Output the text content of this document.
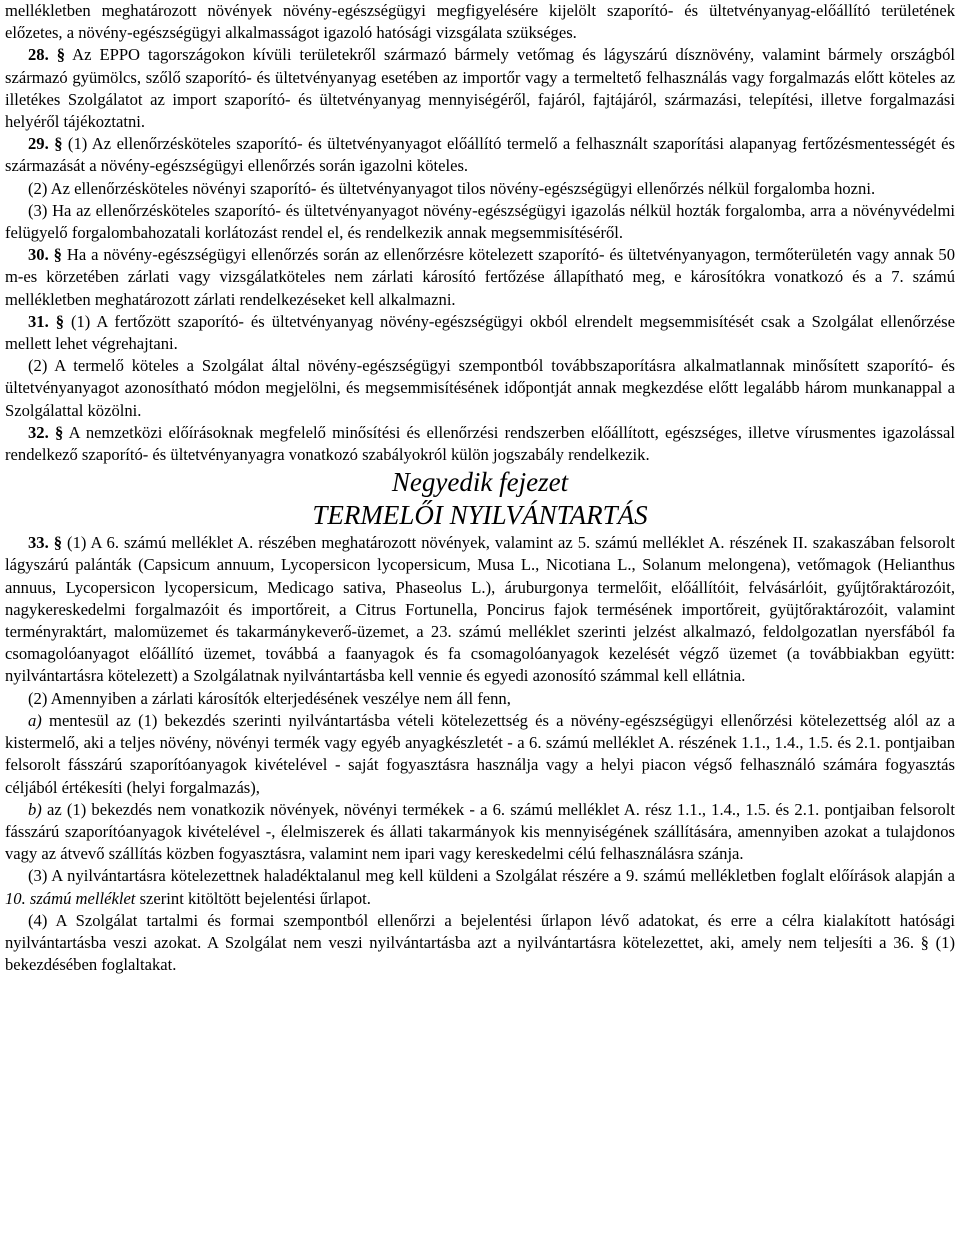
mellékletben meghatározott növények növény-egészségügyi megfigyelésére kijelölt szaporító- és ültetvényanyag-előállító területének előzetes, a növény-egészségügyi alkalmasságot igazoló hatósági vizsgálata szükséges.

28. § Az EPPO tagországokon kívüli területekről származó bármely vetőmag és lágyszárú dísznövény, valamint bármely országból származó gyümölcs, szőlő szaporító- és ültetvényanyag esetében az importőr vagy a termeltető felhasználás vagy forgalmazás előtt köteles az illetékes Szolgálatot az import szaporító- és ültetvényanyag mennyiségéről, fajáról, fajtájáról, származási, telepítési, illetve forgalmazási helyéről tájékoztatni.

29. § (1) Az ellenőrzésköteles szaporító- és ültetvényanyagot előállító termelő a felhasznált szaporítási alapanyag fertőzésmentességét és származását a növény-egészségügyi ellenőrzés során igazolni köteles.

(2) Az ellenőrzésköteles növényi szaporító- és ültetvényanyagot tilos növény-egészségügyi ellenőrzés nélkül forgalomba hozni.

(3) Ha az ellenőrzésköteles szaporító- és ültetvényanyagot növény-egészségügyi igazolás nélkül hozták forgalomba, arra a növényvédelmi felügyelő forgalombahozatali korlátozást rendel el, és rendelkezik annak megsemmisítéséről.

30. § Ha a növény-egészségügyi ellenőrzés során az ellenőrzésre kötelezett szaporító- és ültetvényanyagon, termőterületén vagy annak 50 m-es körzetében zárlati vagy vizsgálatköteles nem zárlati károsító fertőzése állapítható meg, e károsítókra vonatkozó és a 7. számú mellékletben meghatározott zárlati rendelkezéseket kell alkalmazni.

31. § (1) A fertőzött szaporító- és ültetvényanyag növény-egészségügyi okból elrendelt megsemmisítését csak a Szolgálat ellenőrzése mellett lehet végrehajtani.

(2) A termelő köteles a Szolgálat által növény-egészségügyi szempontból továbbszaporításra alkalmatlannak minősített szaporító- és ültetvényanyagot azonosítható módon megjelölni, és megsemmisítésének időpontját annak megkezdése előtt legalább három munkanappal a Szolgálattal közölni.

32. § A nemzetközi előírásoknak megfelelő minősítési és ellenőrzési rendszerben előállított, egészséges, illetve vírusmentes igazolással rendelkező szaporító- és ültetvényanyagra vonatkozó szabályokról külön jogszabály rendelkezik.

Negyedik fejezet

TERMELŐI NYILVÁNTARTÁS

33. § (1) A 6. számú melléklet A. részében meghatározott növények, valamint az 5. számú melléklet A. részének II. szakaszában felsorolt lágyszárú palánták (Capsicum annuum, Lycopersicon lycopersicum, Musa L., Nicotiana L., Solanum melongena), vetőmagok (Helianthus annuus, Lycopersicon lycopersicum, Medicago sativa, Phaseolus L.), áruburgonya termelőit, előállítóit, felvásárlóit, gyűjtőraktározóit, nagykereskedelmi forgalmazóit és importőreit, a Citrus Fortunella, Poncirus fajok termésének importőreit, gyüjtőraktározóit, valamint terményraktárt, malomüzemet és takarmánykeverő-üzemet, a 23. számú melléklet szerinti jelzést alkalmazó, feldolgozatlan nyersfából fa csomagolóanyagot előállító üzemet, továbbá a faanyagok és fa csomagolóanyagok kezelését végző üzemet (a továbbiakban együtt: nyilvántartásra kötelezett) a Szolgálatnak nyilvántartásba kell vennie és egyedi azonosító számmal kell ellátnia.

(2) Amennyiben a zárlati károsítók elterjedésének veszélye nem áll fenn,

a) mentesül az (1) bekezdés szerinti nyilvántartásba vételi kötelezettség és a növény-egészségügyi ellenőrzési kötelezettség alól az a kistermelő, aki a teljes növény, növényi termék vagy egyéb anyagkészletét - a 6. számú melléklet A. részének 1.1., 1.4., 1.5. és 2.1. pontjaiban felsorolt fásszárú szaporítóanyagok kivételével - saját fogyasztásra használja vagy a helyi piacon végső felhasználó számára fogyasztás céljából értékesíti (helyi forgalmazás),

b) az (1) bekezdés nem vonatkozik növények, növényi termékek - a 6. számú melléklet A. rész 1.1., 1.4., 1.5. és 2.1. pontjaiban felsorolt fásszárú szaporítóanyagok kivételével -, élelmiszerek és állati takarmányok kis mennyiségének szállítására, amennyiben azokat a tulajdonos vagy az átvevő szállítás közben fogyasztásra, valamint nem ipari vagy kereskedelmi célú felhasználásra szánja.

(3) A nyilvántartásra kötelezettnek haladéktalanul meg kell küldeni a Szolgálat részére a 9. számú mellékletben foglalt előírások alapján a 10. számú melléklet szerint kitöltött bejelentési űrlapot.

(4) A Szolgálat tartalmi és formai szempontból ellenőrzi a bejelentési űrlapon lévő adatokat, és erre a célra kialakított hatósági nyilvántartásba veszi azokat. A Szolgálat nem veszi nyilvántartásba azt a nyilvántartásra kötelezettet, aki, amely nem teljesíti a 36. § (1) bekezdésében foglaltakat.
